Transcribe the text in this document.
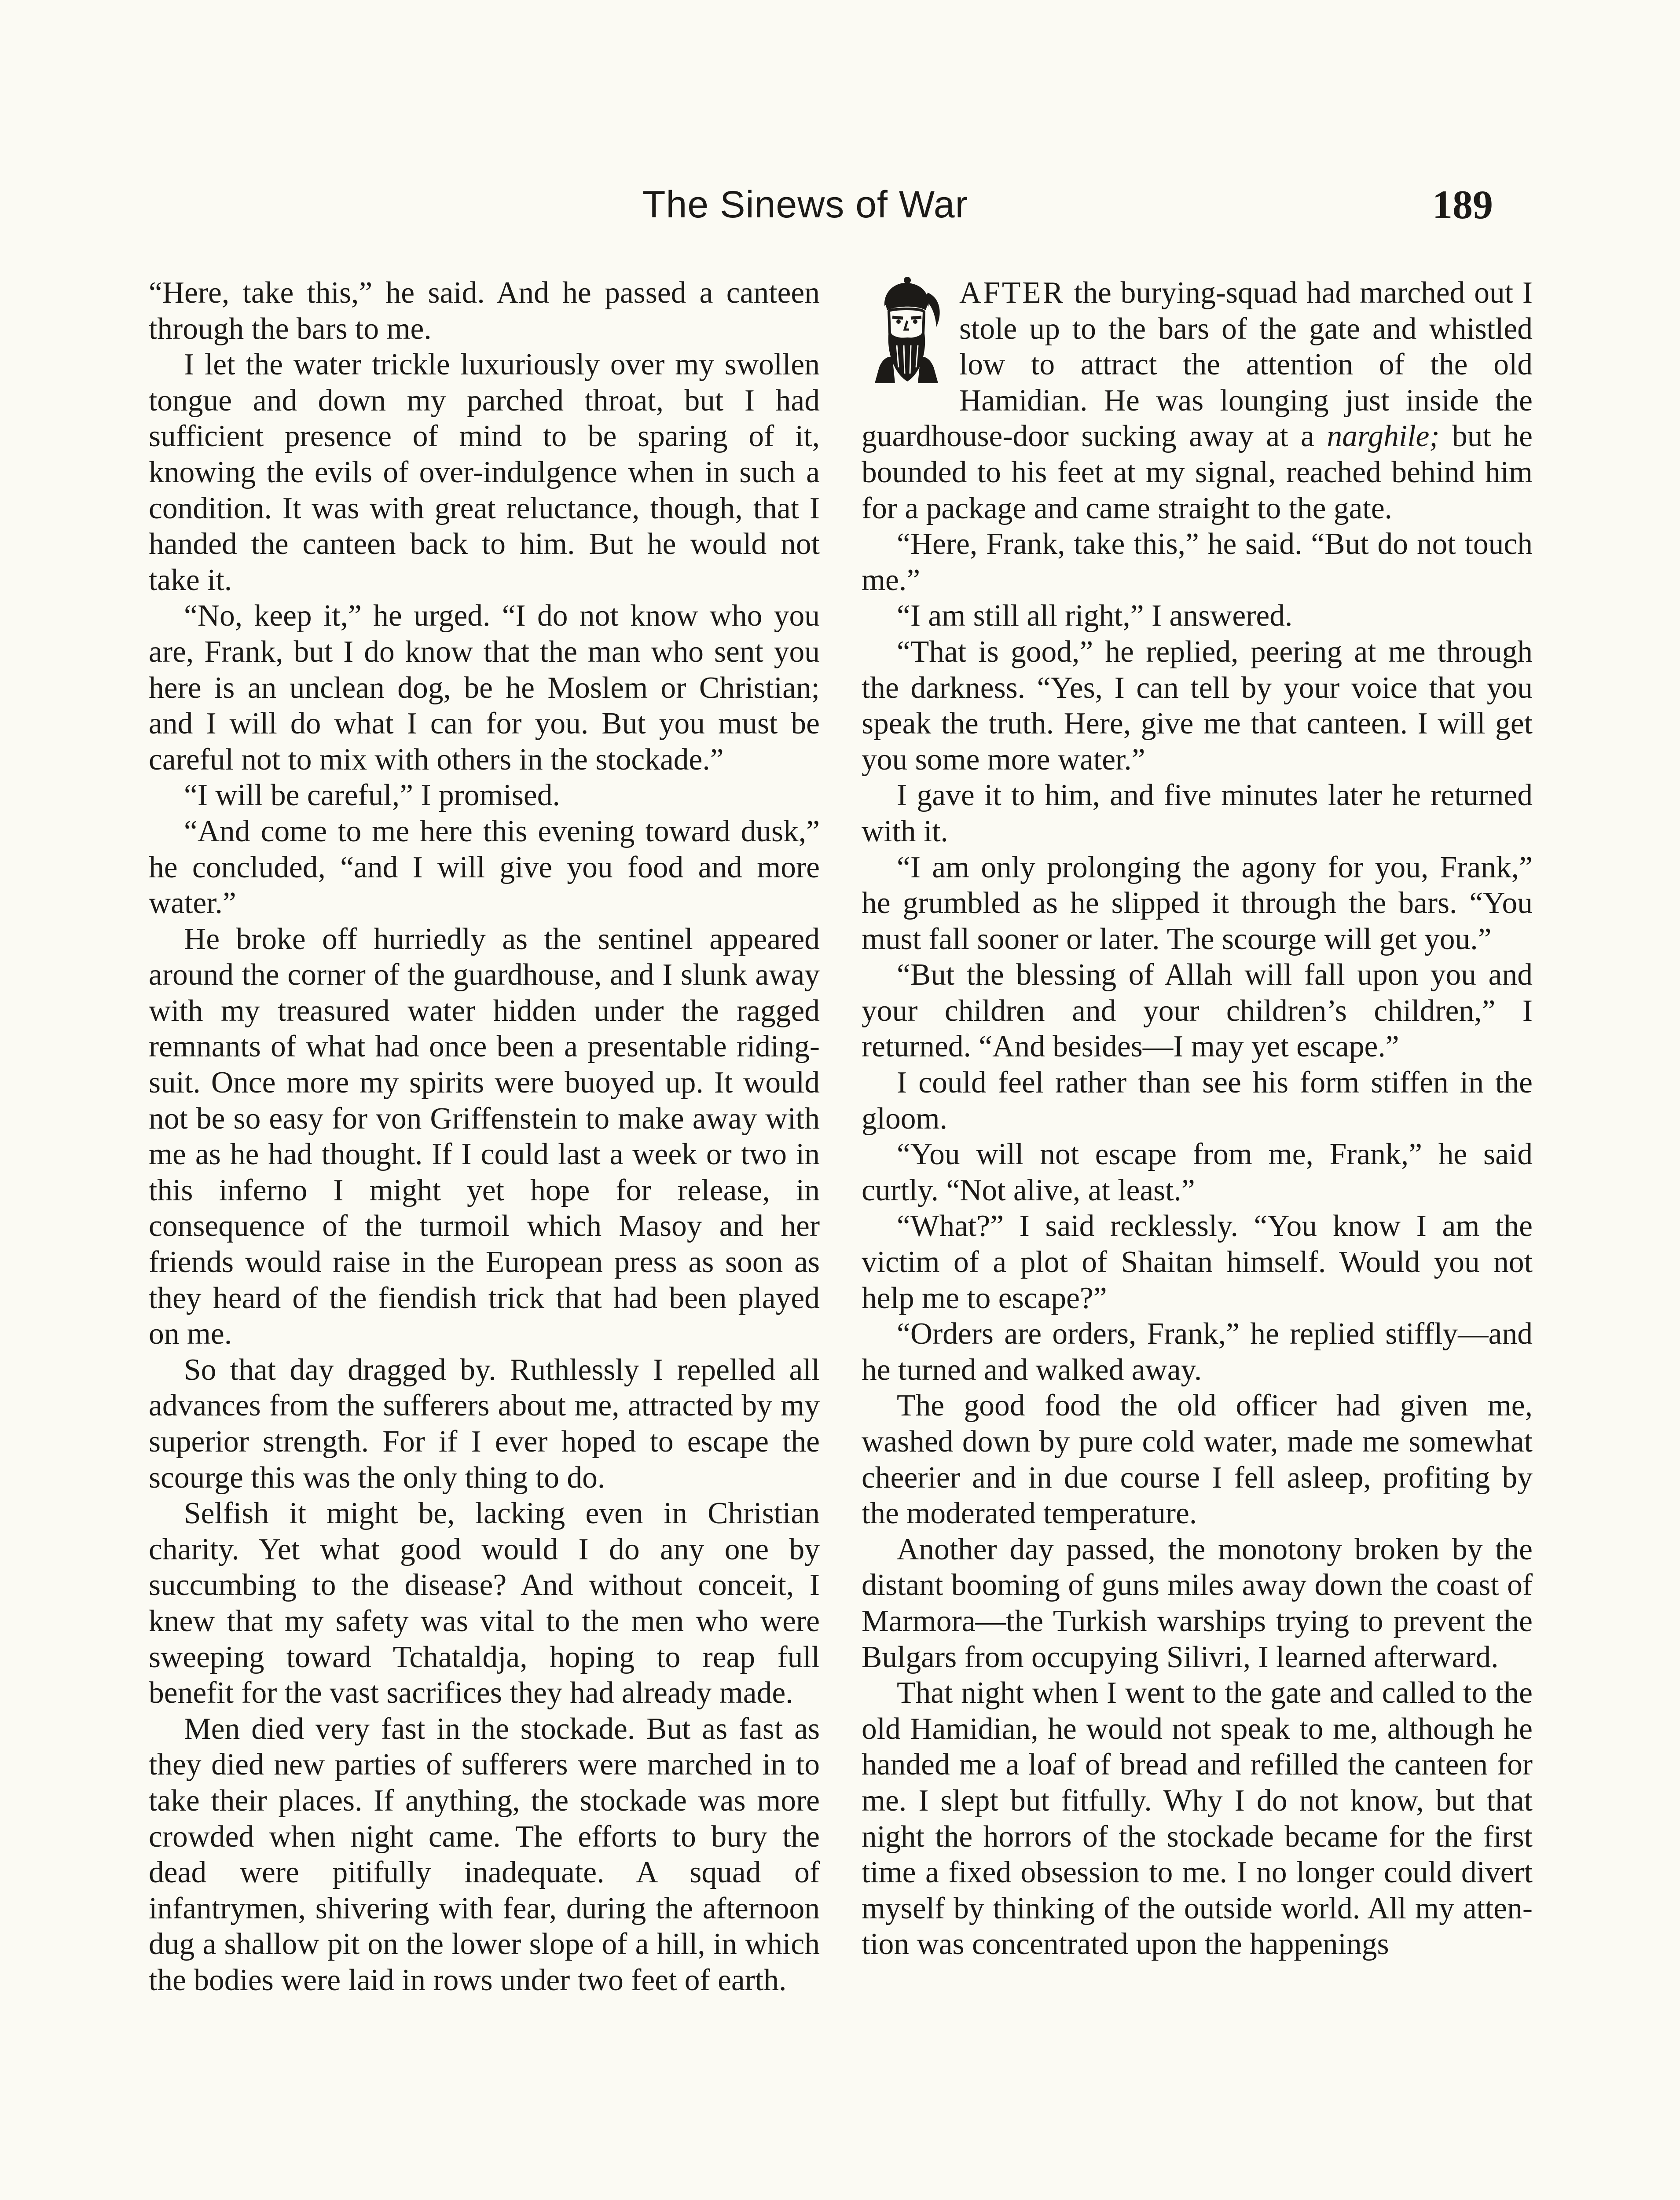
The Sinews of War	189

“Here, take this,” he said. And he passed a canteen through the bars to me.

I let the water trickle luxuriously over my swollen tongue and down my parched throat, but I had sufficient presence of mind to be sparing of it, knowing the evils of over-indulgence when in such a condition. It was with great reluctance, though, that I handed the canteen back to him. But he would not take it.

“No, keep it,” he urged. “I do not know who you are, Frank, but I do know that the man who sent you here is an unclean dog, be he Moslem or Christian; and I will do what I can for you. But you must be careful not to mix with others in the stockade.”

“I will be careful,” I promised.

“And come to me here this evening toward dusk,” he concluded, “and I will give you food and more water.”

He broke off hurriedly as the sentinel appeared around the corner of the guardhouse, and I slunk away with my treasured water hidden under the ragged remnants of what had once been a presentable riding-suit. Once more my spirits were buoyed up. It would not be so easy for von Griffenstein to make away with me as he had thought. If I could last a week or two in this inferno I might yet hope for release, in consequence of the turmoil which Masoy and her friends would raise in the European press as soon as they heard of the fiendish trick that had been played on me.

So that day dragged by. Ruthlessly I repelled all advances from the sufferers about me, attracted by my superior strength. For if I ever hoped to escape the scourge this was the only thing to do.

Selfish it might be, lacking even in Christian charity. Yet what good would I do any one by succumbing to the disease? And without conceit, I knew that my safety was vital to the men who were sweeping toward Tchataldja, hoping to reap full benefit for the vast sacrifices they had already made.

Men died very fast in the stockade. But as fast as they died new parties of sufferers were marched in to take their places. If anything, the stockade was more crowded when night came. The efforts to bury the dead were pitifully inadequate. A squad of infantrymen, shivering with fear, during the afternoon dug a shallow pit on the lower slope of a hill, in which the bodies were laid in rows under two feet of earth.

AFTER the burying-squad had marched out I stole up to the bars of the gate and whistled low to attract the attention of the old Hamidian. He was lounging just inside the guardhouse-door sucking away at a narghile; but he bounded to his feet at my signal, reached behind him for a package and came straight to the gate.

“Here, Frank, take this,” he said. “But do not touch me.”

“I am still all right,” I answered.

“That is good,” he replied, peering at me through the darkness. “Yes, I can tell by your voice that you speak the truth. Here, give me that canteen. I will get you some more water.”

I gave it to him, and five minutes later he returned with it.

“I am only prolonging the agony for you, Frank,” he grumbled as he slipped it through the bars. “You must fall sooner or later. The scourge will get you.”

“But the blessing of Allah will fall upon you and your children and your children’s children,” I returned. “And besides—I may yet escape.”

I could feel rather than see his form stiffen in the gloom.

“You will not escape from me, Frank,” he said curtly. “Not alive, at least.”

“What?” I said recklessly. “You know I am the victim of a plot of Shaitan himself. Would you not help me to escape?”

“Orders are orders, Frank,” he replied stiffly—and he turned and walked away.

The good food the old officer had given me, washed down by pure cold water, made me somewhat cheerier and in due course I fell asleep, profiting by the moderated temperature.

Another day passed, the monotony broken by the distant booming of guns miles away down the coast of Marmora—the Turkish warships trying to prevent the Bulgars from occupying Silivri, I learned afterward.

That night when I went to the gate and called to the old Hamidian, he would not speak to me, although he handed me a loaf of bread and refilled the canteen for me. I slept but fitfully. Why I do not know, but that night the horrors of the stockade became for the first time a fixed obsession to me. I no longer could divert myself by thinking of the outside world. All my attention was concentrated upon the happenings
